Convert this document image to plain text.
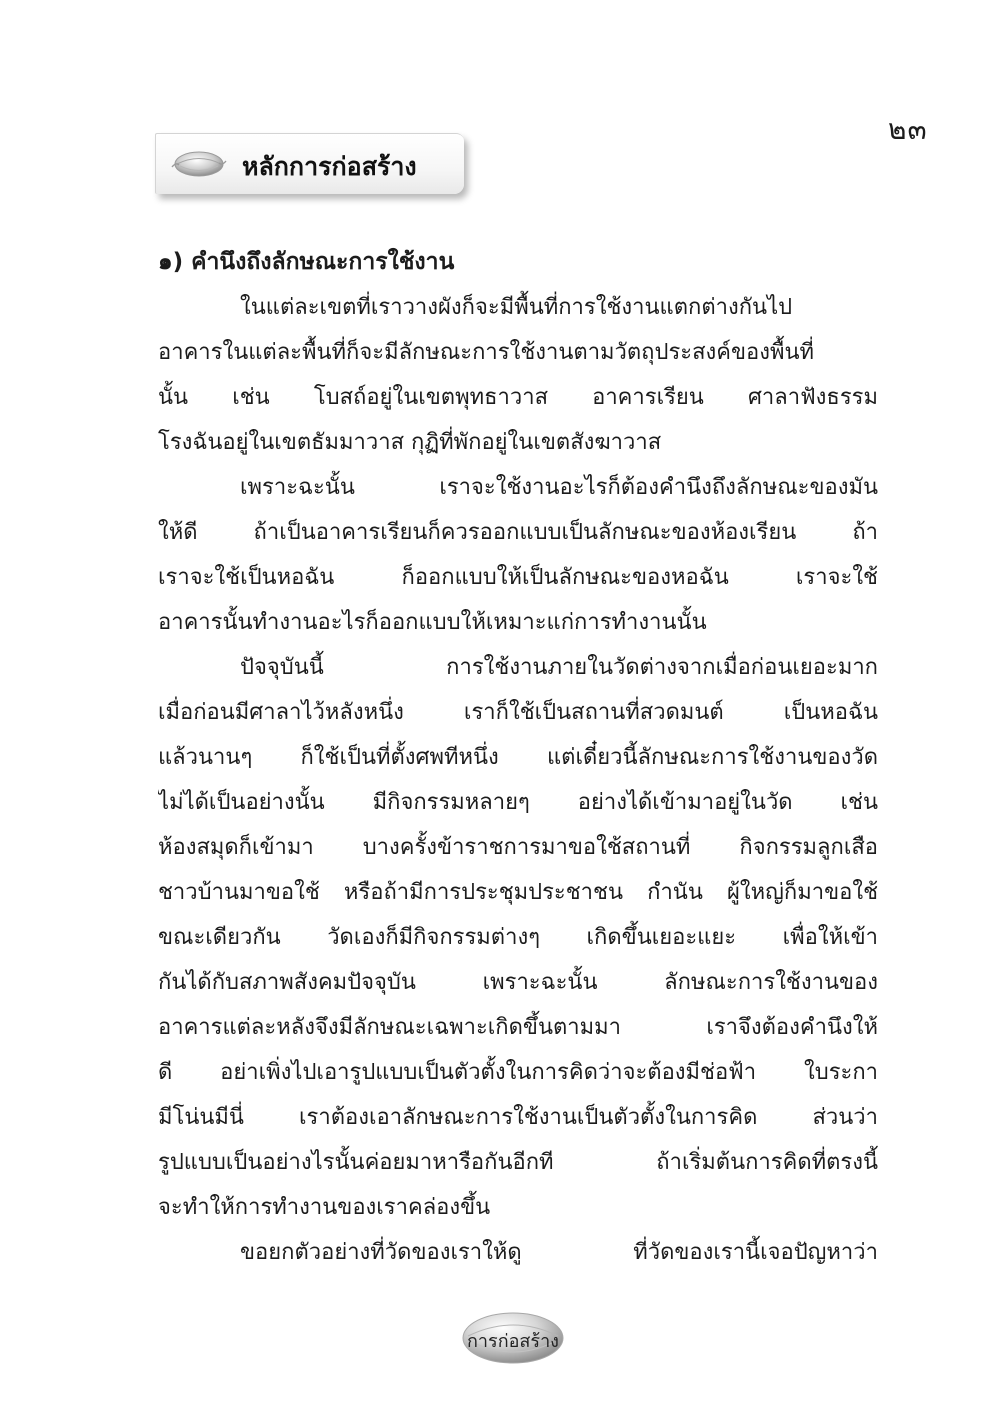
๒๓
หลักการก่อสร้าง
๑) คำนึงถึงลักษณะการใช้งาน
ในแต่ละเขตที่เราวางผังก็จะมีพื้นที่การใช้งานแตกต่างกันไป
อาคารในแต่ละพื้นที่ก็จะมีลักษณะการใช้งานตามวัตถุประสงค์ของพื้นที่
นั้น เช่น โบสถ์อยู่ในเขตพุทธาวาส อาคารเรียน ศาลาฟังธรรม
โรงฉันอยู่ในเขตธัมมาวาส กุฏิที่พักอยู่ในเขตสังฆาวาส
เพราะฉะนั้น เราจะใช้งานอะไรก็ต้องคำนึงถึงลักษณะของมัน
ให้ดี ถ้าเป็นอาคารเรียนก็ควรออกแบบเป็นลักษณะของห้องเรียน ถ้า
เราจะใช้เป็นหอฉัน ก็ออกแบบให้เป็นลักษณะของหอฉัน เราจะใช้
อาคารนั้นทำงานอะไรก็ออกแบบให้เหมาะแก่การทำงานนั้น
ปัจจุบันนี้ การใช้งานภายในวัดต่างจากเมื่อก่อนเยอะมาก
เมื่อก่อนมีศาลาไว้หลังหนึ่ง เราก็ใช้เป็นสถานที่สวดมนต์ เป็นหอฉัน
แล้วนานๆ ก็ใช้เป็นที่ตั้งศพทีหนึ่ง แต่เดี๋ยวนี้ลักษณะการใช้งานของวัด
ไม่ได้เป็นอย่างนั้น มีกิจกรรมหลายๆ อย่างได้เข้ามาอยู่ในวัด เช่น
ห้องสมุดก็เข้ามา บางครั้งข้าราชการมาขอใช้สถานที่ กิจกรรมลูกเสือ
ชาวบ้านมาขอใช้ หรือถ้ามีการประชุมประชาชน กำนัน ผู้ใหญ่ก็มาขอใช้
ขณะเดียวกัน วัดเองก็มีกิจกรรมต่างๆ เกิดขึ้นเยอะแยะ เพื่อให้เข้า
กันได้กับสภาพสังคมปัจจุบัน เพราะฉะนั้น ลักษณะการใช้งานของ
อาคารแต่ละหลังจึงมีลักษณะเฉพาะเกิดขึ้นตามมา เราจึงต้องคำนึงให้
ดี อย่าเพิ่งไปเอารูปแบบเป็นตัวตั้งในการคิดว่าจะต้องมีช่อฟ้า ใบระกา
มีโน่นมีนี่ เราต้องเอาลักษณะการใช้งานเป็นตัวตั้งในการคิด ส่วนว่า
รูปแบบเป็นอย่างไรนั้นค่อยมาหารือกันอีกที ถ้าเริ่มต้นการคิดที่ตรงนี้
จะทำให้การทำงานของเราคล่องขึ้น
ขอยกตัวอย่างที่วัดของเราให้ดู ที่วัดของเรานี้เจอปัญหาว่า
การก่อสร้าง
